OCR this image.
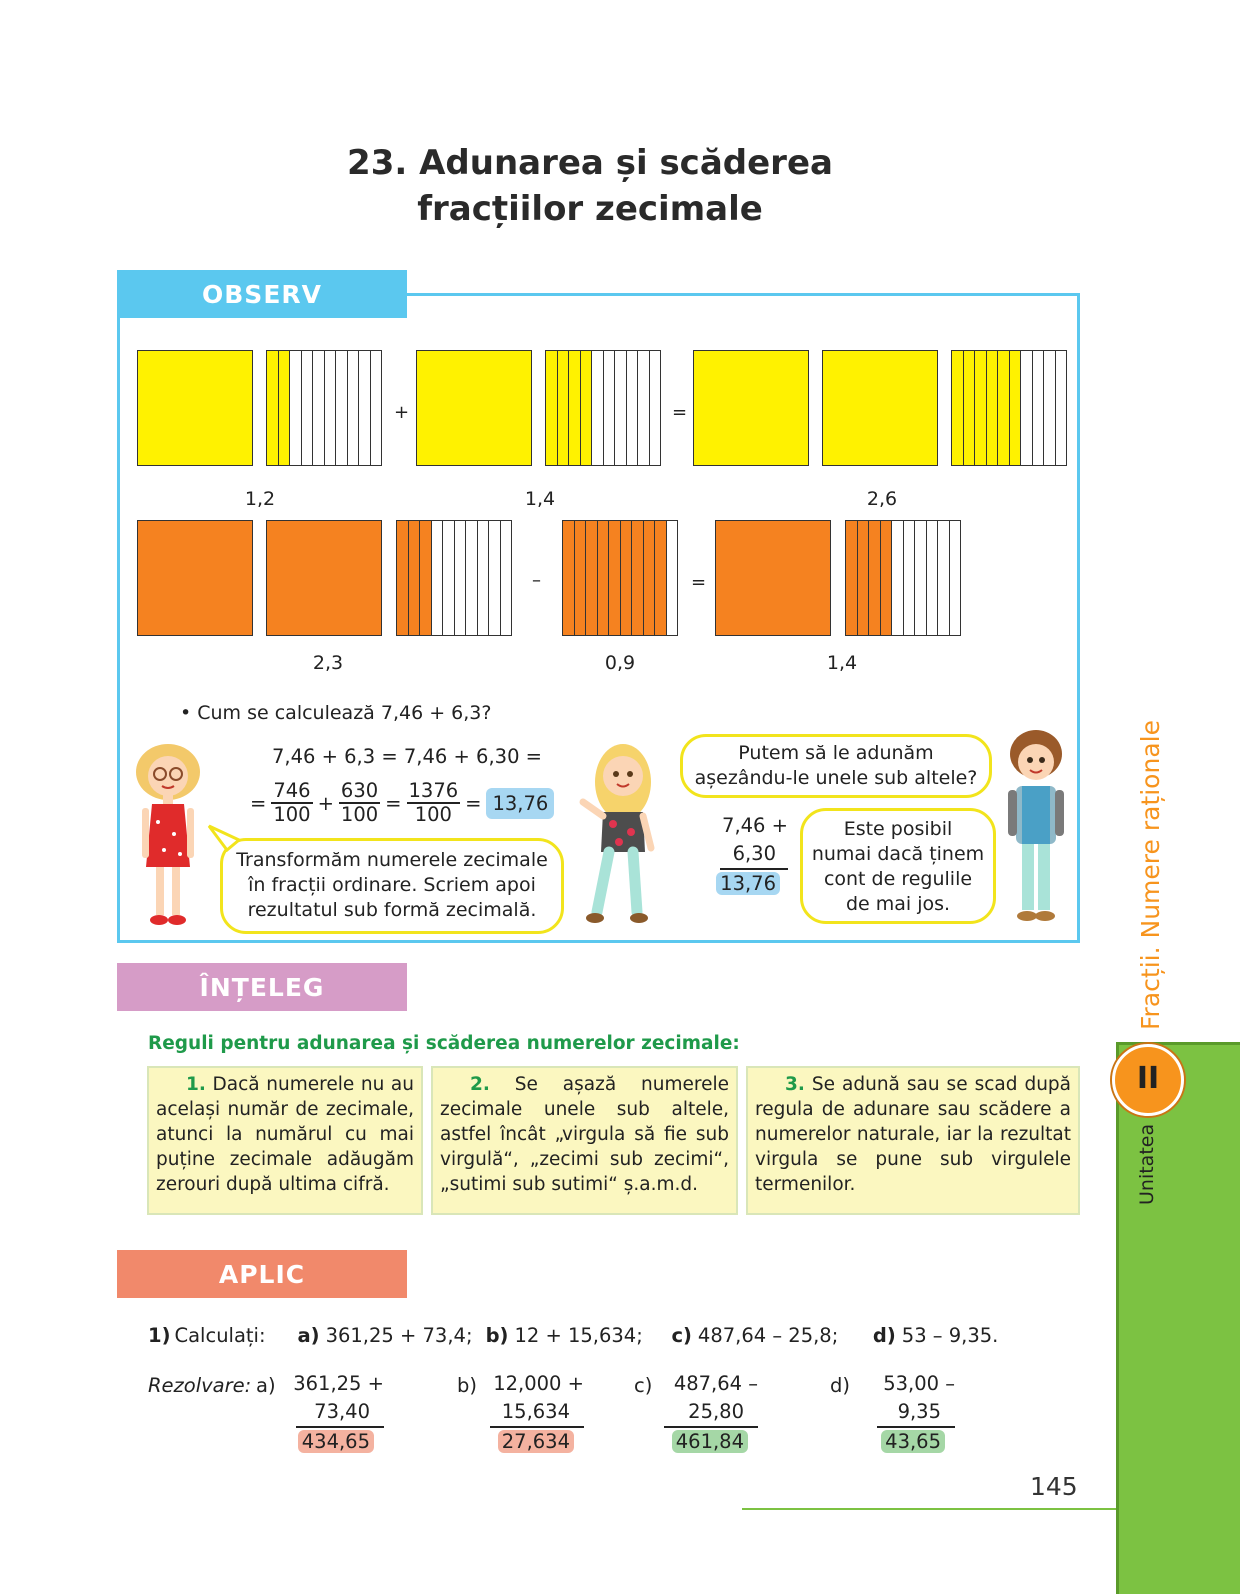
23. Adunarea și scăderea
fracțiilor zecimale
OBSERV
+	=
1,2	1,4	2,6
–	=
2,3	0,9	1,4
• Cum se calculează 7,46 + 6,3?
7,46 + 6,3 = 7,46 + 6,30 =
= $\frac{746}{100} + \frac{630}{100} = \frac{1376}{100} = 13,76$
Transformăm numerele zecimale
în fracții ordinare. Scriem apoi
rezultatul sub formă zecimală.
Putem să le adunăm
așezându-le unele sub altele?
7,46 +
6,30
13,76
Este posibil
numai dacă ținem
cont de regulile
de mai jos.
ÎNȚELEG
Reguli pentru adunarea și scăderea numerelor zecimale:
1. Dacă numerele nu au același număr de zecimale, atunci la numărul cu mai puține zecimale adăugăm zerouri după ultima cifră.
2. Se așază numerele zecimale unele sub altele, astfel încât „virgula să fie sub virgulă“, „zecimi sub zecimi“, „sutimi sub sutimi“ ș.a.m.d.
3. Se adună sau se scad după regula de adunare sau scădere a numerelor naturale, iar la rezultat virgula se pune sub virgulele termenilor.
APLIC
1) Calculați:	a) 361,25 + 73,4; b) 12 + 15,634;	c) 487,64 – 25,8;	d) 53 – 9,35.
Rezolvare: a) 361,25 +
73,40
434,65
b) 12,000 +
15,634
27,634
c)	487,64 –
25,80
461,84
d)	53,00 –
9,35
43,65
145
II
Unitatea
Fracții. Numere raționale
